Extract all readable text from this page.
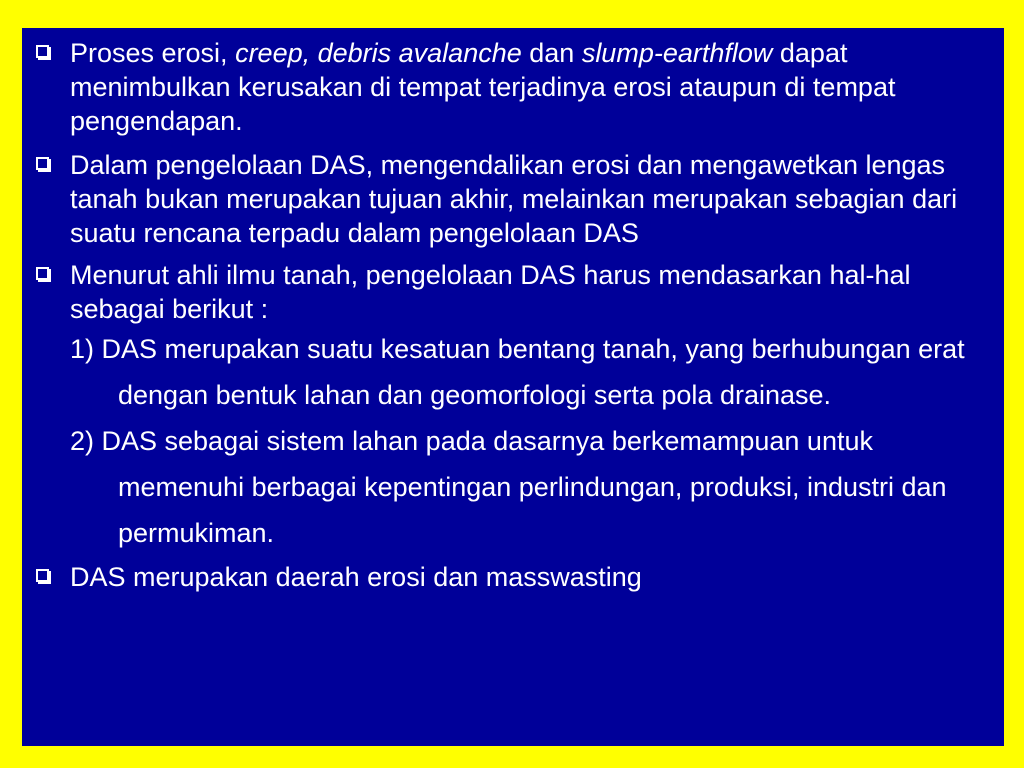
Proses erosi, creep, debris avalanche dan slump-earthflow dapat menimbulkan kerusakan di tempat terjadinya erosi ataupun di tempat pengendapan.
Dalam pengelolaan DAS, mengendalikan erosi dan mengawetkan lengas tanah bukan merupakan tujuan akhir, melainkan merupakan sebagian dari suatu rencana terpadu dalam pengelolaan DAS
Menurut ahli ilmu tanah, pengelolaan DAS harus mendasarkan hal-hal sebagai berikut :
1) DAS merupakan suatu kesatuan bentang tanah, yang berhubungan erat dengan bentuk lahan dan geomorfologi serta pola drainase.
2) DAS sebagai sistem lahan pada dasarnya berkemampuan untuk memenuhi berbagai kepentingan perlindungan, produksi, industri dan permukiman.
DAS merupakan daerah erosi dan masswasting
